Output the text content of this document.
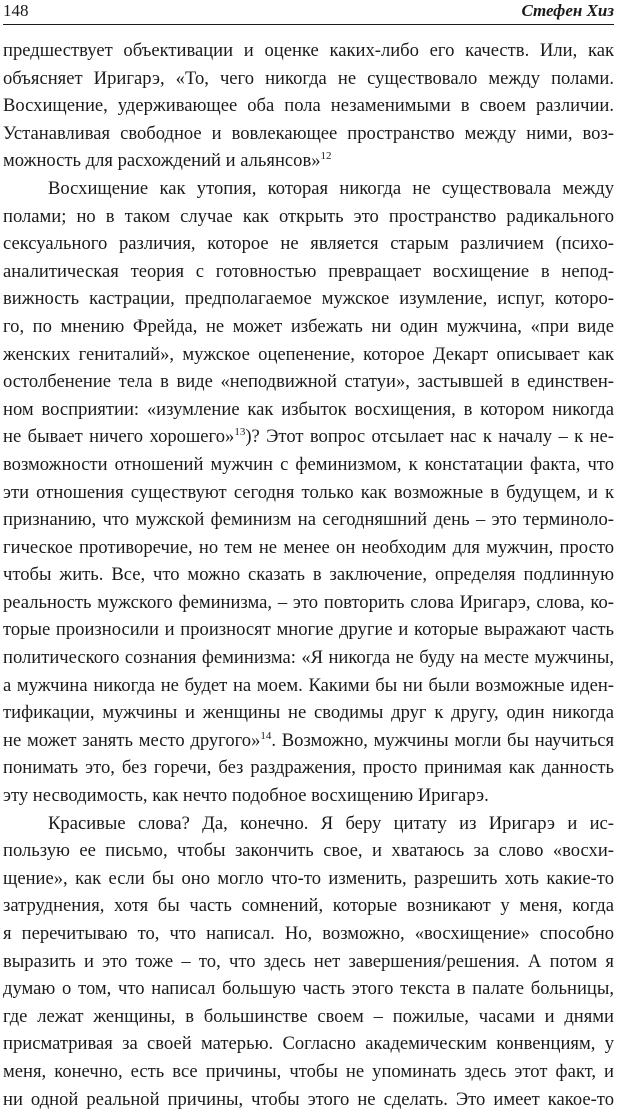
148	Стефен Хиз
предшествует объективации и оценке каких-либо его качеств. Или, как
объясняет Иригарэ, «То, чего никогда не существовало между полами.
Восхищение, удерживающее оба пола незаменимыми в своем различии.
Устанавливая свободное и вовлекающее пространство между ними, воз-
можность для расхождений и альянсов»$^{12}$
Восхищение как утопия, которая никогда не существовала между
полами; но в таком случае как открыть это пространство радикального
сексуального различия, которое не является старым различием (психо-
аналитическая теория с готовностью превращает восхищение в непод-
вижность кастрации, предполагаемое мужское изумление, испуг, которо-
го, по мнению Фрейда, не может избежать ни один мужчина, «при виде
женских гениталий», мужское оцепенение, которое Декарт описывает как
остолбенение тела в виде «неподвижной статуи», застывшей в единствен-
ном восприятии: «изумление как избыток восхищения, в котором никогда
не бывает ничего хорошего»$^{13}$)? Этот вопрос отсылает нас к началу – к не-
возможности отношений мужчин с феминизмом, к констатации факта, что
эти отношения существуют сегодня только как возможные в будущем, и к
признанию, что мужской феминизм на сегодняшний день – это терминоло-
гическое противоречие, но тем не менее он необходим для мужчин, просто
чтобы жить. Все, что можно сказать в заключение, определяя подлинную
реальность мужского феминизма, – это повторить слова Иригарэ, слова, ко-
торые произносили и произносят многие другие и которые выражают часть
политического сознания феминизма: «Я никогда не буду на месте мужчины,
а мужчина никогда не будет на моем. Какими бы ни были возможные иден-
тификации, мужчины и женщины не сводимы друг к другу, один никогда
не может занять место другого»$^{14}$. Возможно, мужчины могли бы научиться
понимать это, без горечи, без раздражения, просто принимая как данность
эту несводимость, как нечто подобное восхищению Иригарэ.
Красивые слова? Да, конечно. Я беру цитату из Иригарэ и ис-
пользую ее письмо, чтобы закончить свое, и хватаюсь за слово «восхи-
щение», как если бы оно могло что-то изменить, разрешить хоть какие-то
затруднения, хотя бы часть сомнений, которые возникают у меня, когда
я перечитываю то, что написал. Но, возможно, «восхищение» способно
выразить и это тоже – то, что здесь нет завершения/решения. А потом я
думаю о том, что написал большую часть этого текста в палате больницы,
где лежат женщины, в большинстве своем – пожилые, часами и днями
присматривая за своей матерью. Согласно академическим конвенциям, у
меня, конечно, есть все причины, чтобы не упоминать здесь этот факт, и
ни одной реальной причины, чтобы этого не сделать. Это имеет какое-то
